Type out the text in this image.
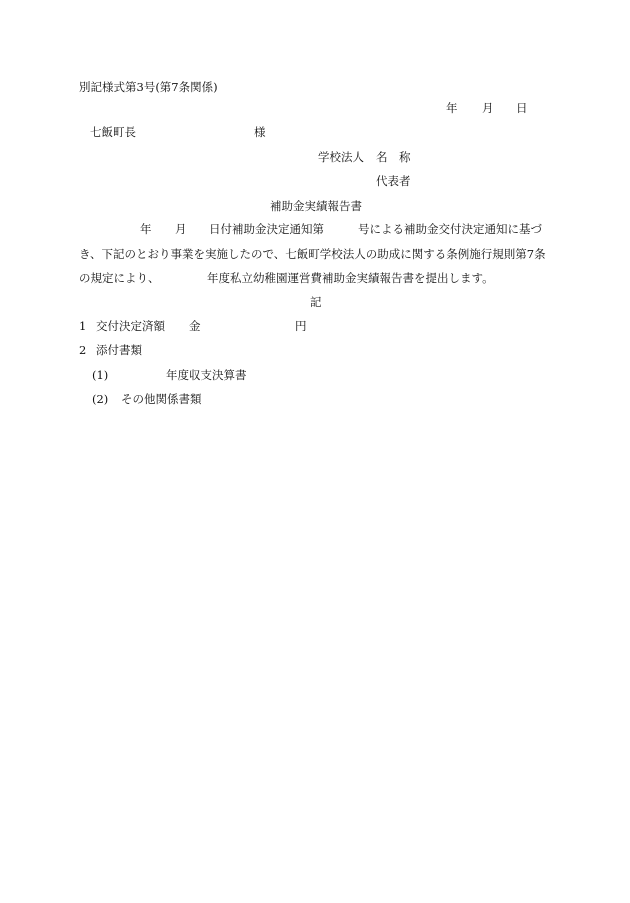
別記様式第3号(第7条関係)
年 月 日
七飯町長	様
学校法人 名 称
代表者
補助金実績報告書
年 月 日付補助金決定通知第	号による補助金交付決定通知に基づ
き、下記のとおり事業を実施したので、七飯町学校法人の助成に関する条例施行規則第7条
の規定により、	年度私立幼稚園運営費補助金実績報告書を提出します。
記
1 交付決定済額 金	円
2 添付書類
(1)	年度収支決算書
(2) その他関係書類
